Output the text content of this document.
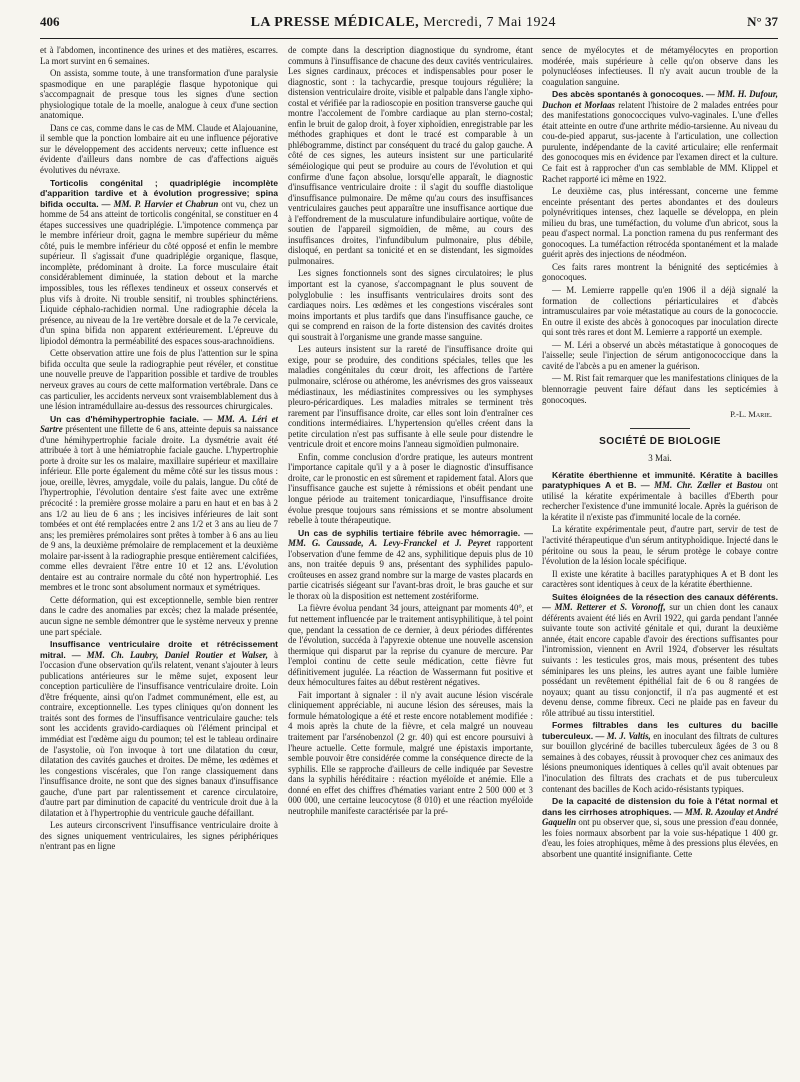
406	LA PRESSE MÉDICALE, Mercredi, 7 Mai 1924	N° 37

et à l'abdomen, incontinence des urines et des matières, escarres. La mort survint en 6 semaines.

On assista, somme toute, à une transformation d'une paralysie spasmodique en une paraplégie flasque hypotonique qui s'accompagnait de presque tous les signes d'une section physiologique totale de la moelle, analogue à ceux d'une section anatomique.

Dans ce cas, comme dans le cas de MM. Claude et Alajouanine, il semble que la ponction lombaire ait eu une influence péjorative sur le développement des accidents nerveux; cette influence est évidente d'ailleurs dans nombre de cas d'affections aiguës évolutives du névraxe.

Torticolis congénital ; quadriplégie incomplète d'apparition tardive et à évolution progressive; spina bifida occulta. — MM. P. Harvier et Chabrun ont vu, chez un homme de 54 ans atteint de torticolis congénital, se constituer en 4 étapes successives une quadriplégie. L'impotence commença par le membre inférieur droit, gagna le membre supérieur du même côté, puis le membre inférieur du côté opposé et enfin le membre supérieur. Il s'agissait d'une quadriplégie organique, flasque, incomplète, prédominant à droite. La force musculaire était considérablement diminuée, la station debout et la marche impossibles, tous les réflexes tendineux et osseux conservés et plus vifs à droite. Ni trouble sensitif, ni troubles sphinctériens. Liquide céphalo-rachidien normal. Une radiographie décela la présence, au niveau de la 1re vertèbre dorsale et de la 7e cervicale, d'un spina bifida non apparent extérieurement. L'épreuve du lipiodol démontra la perméabilité des espaces sous-arachnoïdiens.

Cette observation attire une fois de plus l'attention sur le spina bifida occulta que seule la radiographie peut révéler, et constitue une nouvelle preuve de l'apparition possible et tardive de troubles nerveux graves au cours de cette malformation vertébrale. Dans ce cas particulier, les accidents nerveux sont vraisemblablement dus à une lésion intramédullaire au-dessus des ressources chirurgicales.

Un cas d'hémihypertrophie faciale. — MM. A. Léri et Sartre présentent une fillette de 6 ans, atteinte depuis sa naissance d'une hémihypertrophie faciale droite. La dysmétrie avait été attribuée à tort à une hémiatrophie faciale gauche. L'hypertrophie porte à droite sur les os malaire, maxillaire supérieur et maxillaire inférieur. Elle porte également du même côté sur les tissus mous : joue, oreille, lèvres, amygdale, voile du palais, langue. Du côté de l'hypertrophie, l'évolution dentaire s'est faite avec une extrême précocité : la première grosse molaire a paru en haut et en bas à 2 ans 1/2 au lieu de 6 ans ; les incisives inférieures de lait sont tombées et ont été remplacées entre 2 ans 1/2 et 3 ans au lieu de 7 ans; les premières prémolaires sont prêtes à tomber à 6 ans au lieu de 9 ans, la deuxième prémolaire de remplacement et la deuxième molaire par-issent à la radiographie presque entièrement calcifiées, comme elles devraient l'être entre 10 et 12 ans. L'évolution dentaire est au contraire normale du côté non hypertrophié. Les membres et le tronc sont absolument normaux et symétriques.

Cette déformation, qui est exceptionnelle, semble bien rentrer dans le cadre des anomalies par excès; chez la malade présentée, aucun signe ne semble démontrer que le système nerveux y prenne une part spéciale.

Insuffisance ventriculaire droite et rétrécissement mitral. — MM. Ch. Laubry, Daniel Routier et Walser, à l'occasion d'une observation qu'ils relatent, venant s'ajouter à leurs publications antérieures sur le même sujet, exposent leur conception particulière de l'insuffisance ventriculaire droite. Loin d'être fréquente, ainsi qu'on l'admet communément, elle est, au contraire, exceptionnelle. Les types cliniques qu'on donnent les traités sont des formes de l'insuffisance ventriculaire gauche: tels sont les accidents gravido-cardiaques où l'élément principal et immédiat est l'œdème aigu du poumon; tel est le tableau ordinaire de l'asystolie, où l'on invoque à tort une dilatation du cœur, dilatation des cavités gauches et droites. De même, les œdèmes et les congestions viscérales, que l'on range classiquement dans l'insuffisance droite, ne sont que des signes banaux d'insuffisance gauche, d'une part par ralentissement et carence circulatoire, d'autre part par diminution de capacité du ventricule droit due à la dilatation et à l'hypertrophie du ventricule gauche défaillant.

Les auteurs circonscrivent l'insuffisance ventriculaire droite à des signes uniquement ventriculaires, les signes périphériques n'entrant pas en ligne

de compte dans la description diagnostique du syndrome, étant communs à l'insuffisance de chacune des deux cavités ventriculaires. Les signes cardinaux, précoces et indispensables pour poser le diagnostic, sont : la tachycardie, presque toujours régulière; la distension ventriculaire droite, visible et palpable dans l'angle xipho-costal et vérifiée par la radioscopie en position transverse gauche qui montre l'accolement de l'ombre cardiaque au plan sterno-costal; enfin le bruit de galop droit, à foyer xiphoïdien, enregistrable par les méthodes graphiques et dont le tracé est comparable à un phlébogramme, distinct par conséquent du tracé du galop gauche. A côté de ces signes, les auteurs insistent sur une particularité séméiologique qui peut se produire au cours de l'évolution et qui confirme d'une façon absolue, lorsqu'elle apparaît, le diagnostic d'insuffisance ventriculaire droite : il s'agit du souffle diastolique d'insuffisance pulmonaire. De même qu'au cours des insuffisances ventriculaires gauches peut apparaître une insuffisance aortique due à l'effondrement de la musculature infundibulaire aortique, voûte de soutien de l'appareil sigmoïdien, de même, au cours des insuffisances droites, l'infundibulum pulmonaire, plus débile, disloqué, en perdant sa tonicité et en se distendant, les sigmoïdes pulmonaires.

Les signes fonctionnels sont des signes circulatoires; le plus important est la cyanose, s'accompagnant le plus souvent de polyglobulie : les insuffisants ventriculaires droits sont des cardiaques noirs. Les œdèmes et les congestions viscérales sont moins importants et plus tardifs que dans l'insuffisance gauche, ce qui se comprend en raison de la forte distension des cavités droites qui soustrait à l'organisme une grande masse sanguine.

Les auteurs insistent sur la rareté de l'insuffisance droite qui exige, pour se produire, des conditions spéciales, telles que les maladies congénitales du cœur droit, les affections de l'artère pulmonaire, sclérose ou athérome, les anévrismes des gros vaisseaux médiastinaux, les médiastinites compressives ou les symphyses pleuro-péricardiques. Les maladies mitrales se terminent très rarement par l'insuffisance droite, car elles sont loin d'entraîner ces conditions intermédiaires. L'hypertension qu'elles créent dans la petite circulation n'est pas suffisante à elle seule pour distendre le ventricule droit et encore moins l'anneau sigmoïdien pulmonaire.

Enfin, comme conclusion d'ordre pratique, les auteurs montrent l'importance capitale qu'il y a à poser le diagnostic d'insuffisance droite, car le pronostic en est sûrement et rapidement fatal. Alors que l'insuffisance gauche est sujette à rémissions et obéit pendant une longue période au traitement tonicardiaque, l'insuffisance droite évolue presque toujours sans rémissions et se montre absolument rebelle à toute thérapeutique.

Un cas de syphilis tertiaire fébrile avec hémorragie. — MM. G. Caussade, A. Levy-Franckel et J. Peyret rapportent l'observation d'une femme de 42 ans, syphilitique depuis plus de 10 ans, non traitée depuis 9 ans, présentant des syphilides papulo-croûteuses en assez grand nombre sur la marge de vastes placards en partie cicatrisés siégeant sur l'avant-bras droit, le bras gauche et sur le thorax où la disposition est nettement zostériforme.

La fièvre évolua pendant 34 jours, atteignant par moments 40°, et fut nettement influencée par le traitement antisyphilitique, à tel point que, pendant la cessation de ce dernier, à deux périodes différentes de l'évolution, succéda à l'apyrexie obtenue une nouvelle ascension thermique qui disparut par la reprise du cyanure de mercure. Par l'emploi continu de cette seule médication, cette fièvre fut définitivement jugulée. La réaction de Wassermann fut positive et deux hémocultures faites au début restèrent négatives.

Fait important à signaler : il n'y avait aucune lésion viscérale cliniquement appréciable, ni aucune lésion des séreuses, mais la formule hématologique a été et reste encore notablement modifiée : 4 mois après la chute de la fièvre, et cela malgré un nouveau traitement par l'arsénobenzol (2 gr. 40) qui est encore poursuivi à l'heure actuelle. Cette formule, malgré une épistaxis importante, semble pouvoir être considérée comme la conséquence directe de la syphilis. Elle se rapproche d'ailleurs de celle indiquée par Sevestre dans la syphilis héréditaire : réaction myéloïde et anémie. Elle a donné en effet des chiffres d'hématies variant entre 2 500 000 et 3 000 000, une certaine leucocytose (8 010) et une réaction myéloïde neutrophile manifeste caractérisée par la pré-

sence de myélocytes et de métamyélocytes en proportion modérée, mais supérieure à celle qu'on observe dans les polynucléoses infectieuses. Il n'y avait aucun trouble de la coagulation sanguine.

Des abcès spontanés à gonocoques. — MM. H. Dufour, Duchon et Morlaas relatent l'histoire de 2 malades entrées pour des manifestations gonococciques vulvo-vaginales. L'une d'elles était atteinte en outre d'une arthrite médio-tarsienne. Au niveau du cou-de-pied apparut, sus-jacente à l'articulation, une collection purulente, indépendante de la cavité articulaire; elle renfermait des gonocoques mis en évidence par l'examen direct et la culture. Ce fait est à rapprocher d'un cas semblable de MM. Klippel et Rachet rapporté ici même en 1922.

Le deuxième cas, plus intéressant, concerne une femme enceinte présentant des pertes abondantes et des douleurs polynévritiques intenses, chez laquelle se développa, en plein milieu du bras, une tuméfaction, du volume d'un abricot, sous la peau d'aspect normal. La ponction ramena du pus renfermant des gonocoques. La tuméfaction rétrocéda spontanément et la malade guérit après des injections de néodméon.

Ces faits rares montrent la bénignité des septicémies à gonocoques.

— M. Lemierre rappelle qu'en 1906 il a déjà signalé la formation de collections périarticulaires et d'abcès intramusculaires par voie métastatique au cours de la gonococcie. En outre il existe des abcès à gonocoques par inoculation directe qui sont très rares et dont M. Lemierre a rapporté un exemple.

— M. Léri a observé un abcès métastatique à gonocoques de l'aisselle; seule l'injection de sérum antigonococcique dans la cavité de l'abcès a pu en amener la guérison.

— M. Rist fait remarquer que les manifestations cliniques de la blennorragie peuvent faire défaut dans les septicémies à gonocoques.

P.-L. Marie.
SOCIÉTÉ DE BIOLOGIE
3 Mai.

Kératite éberthienne et immunité. Kératite à bacilles paratyphiques A et B. — MM. Chr. Zœller et Bastou ont utilisé la kératite expérimentale à bacilles d'Eberth pour rechercher l'existence d'une immunité locale. Après la guérison de la kératite il n'existe pas d'immunité locale de la cornée.

La kératite expérimentale peut, d'autre part, servir de test de l'activité thérapeutique d'un sérum antityphoïdique. Injecté dans le péritoine ou sous la peau, le sérum protège le cobaye contre l'évolution de la lésion locale spécifique.

Il existe une kératite à bacilles paratyphiques A et B dont les caractères sont identiques à ceux de la kératite éberthienne.

Suites éloignées de la résection des canaux déférents. — MM. Retterer et S. Voronoff, sur un chien dont les canaux déférents avaient été liés en Avril 1922, qui garda pendant l'année suivante toute son activité génitale et qui, durant la deuxième année, était encore capable d'avoir des érections suffisantes pour l'intromission, viennent en Avril 1924, d'observer les résultats suivants : les testicules gros, mais mous, présentent des tubes séminipares les uns pleins, les autres ayant une faible lumière possédant un revêtement épithélial fait de 6 ou 8 rangées de noyaux; quant au tissu conjonctif, il n'a pas augmenté et est devenu dense, comme fibreux. Ceci ne plaide pas en faveur du rôle attribué au tissu interstitiel.

Formes filtrables dans les cultures du bacille tuberculeux. — M. J. Valtis, en inoculant des filtrats de cultures sur bouillon glycériné de bacilles tuberculeux âgées de 3 ou 8 semaines à des cobayes, réussit à provoquer chez ces animaux des lésions pneumoniques identiques à celles qu'il avait obtenues par l'inoculation des filtrats des crachats et de pus tuberculeux contenant des bacilles de Koch acido-résistants typiques.

De la capacité de distension du foie à l'état normal et dans les cirrhoses atrophiques. — MM. R. Azoulay et André Gaquelin ont pu observer que, si, sous une pression d'eau donnée, les foies normaux absorbent par la voie sus-hépatique 1 400 gr. d'eau, les foies atrophiques, même à des pressions plus élevées, en absorbent une quantité insignifiante. Cette
